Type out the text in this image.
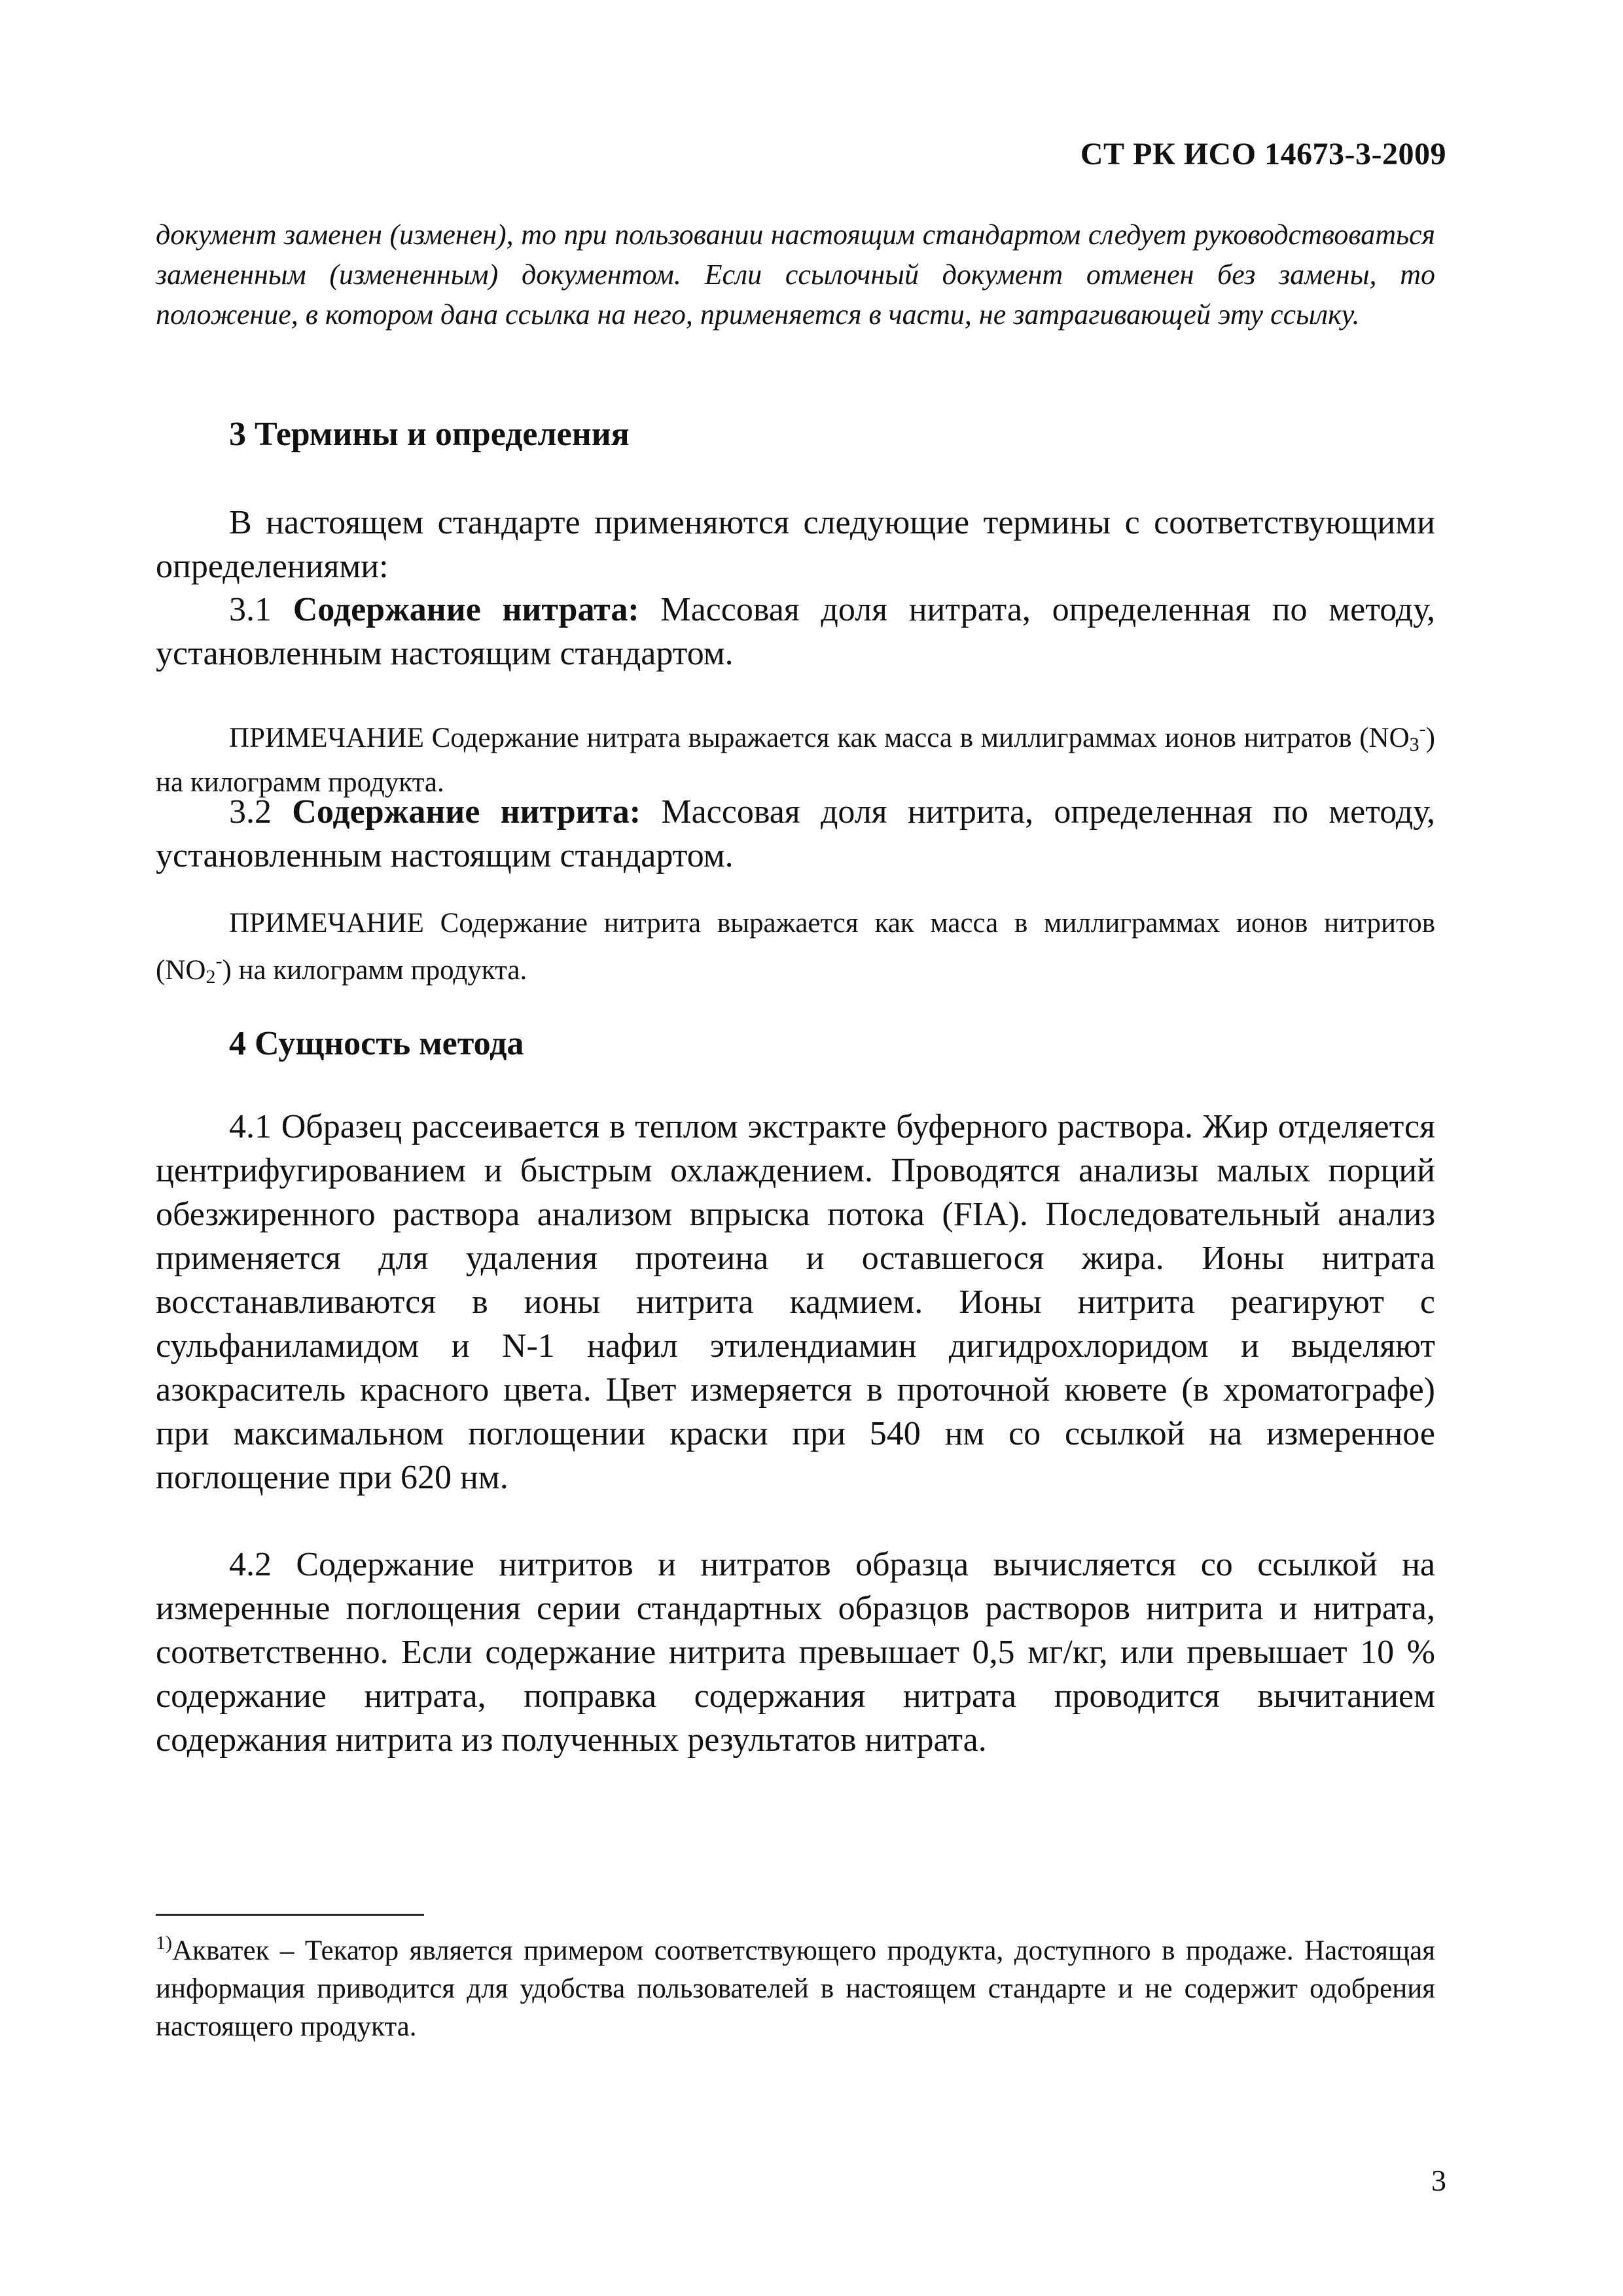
СТ РК ИСО 14673-3-2009
документ заменен (изменен), то при пользовании настоящим стандартом следует руководствоваться замененным (измененным) документом. Если ссылочный документ отменен без замены, то положение, в котором дана ссылка на него, применяется в части, не затрагивающей эту ссылку.
3 Термины и определения
В настоящем стандарте применяются следующие термины с соответствующими определениями:
3.1 Содержание нитрата: Массовая доля нитрата, определенная по методу, установленным настоящим стандартом.
ПРИМЕЧАНИЕ Содержание нитрата выражается как масса в миллиграммах ионов нитратов $(NO_3^-)$ на килограмм продукта.
3.2 Содержание нитрита: Массовая доля нитрита, определенная по методу, установленным настоящим стандартом.
ПРИМЕЧАНИЕ Содержание нитрита выражается как масса в миллиграммах ионов нитритов $(NO_2^-)$ на килограмм продукта.
4 Сущность метода
4.1 Образец рассеивается в теплом экстракте буферного раствора. Жир отделяется центрифугированием и быстрым охлаждением. Проводятся анализы малых порций обезжиренного раствора анализом впрыска потока (FIA). Последовательный анализ применяется для удаления протеина и оставшегося жира. Ионы нитрата восстанавливаются в ионы нитрита кадмием. Ионы нитрита реагируют с сульфаниламидом и N-1 нафил этилендиамин дигидрохлоридом и выделяют азокраситель красного цвета. Цвет измеряется в проточной кювете (в хроматографе) при максимальном поглощении краски при 540 нм со ссылкой на измеренное поглощение при 620 нм.
4.2 Содержание нитритов и нитратов образца вычисляется со ссылкой на измеренные поглощения серии стандартных образцов растворов нитрита и нитрата, соответственно. Если содержание нитрита превышает 0,5 мг/кг, или превышает 10 % содержание нитрата, поправка содержания нитрата проводится вычитанием содержания нитрита из полученных результатов нитрата.
$^{1)}$Акватек – Текатор является примером соответствующего продукта, доступного в продаже. Настоящая информация приводится для удобства пользователей в настоящем стандарте и не содержит одобрения настоящего продукта.
3
